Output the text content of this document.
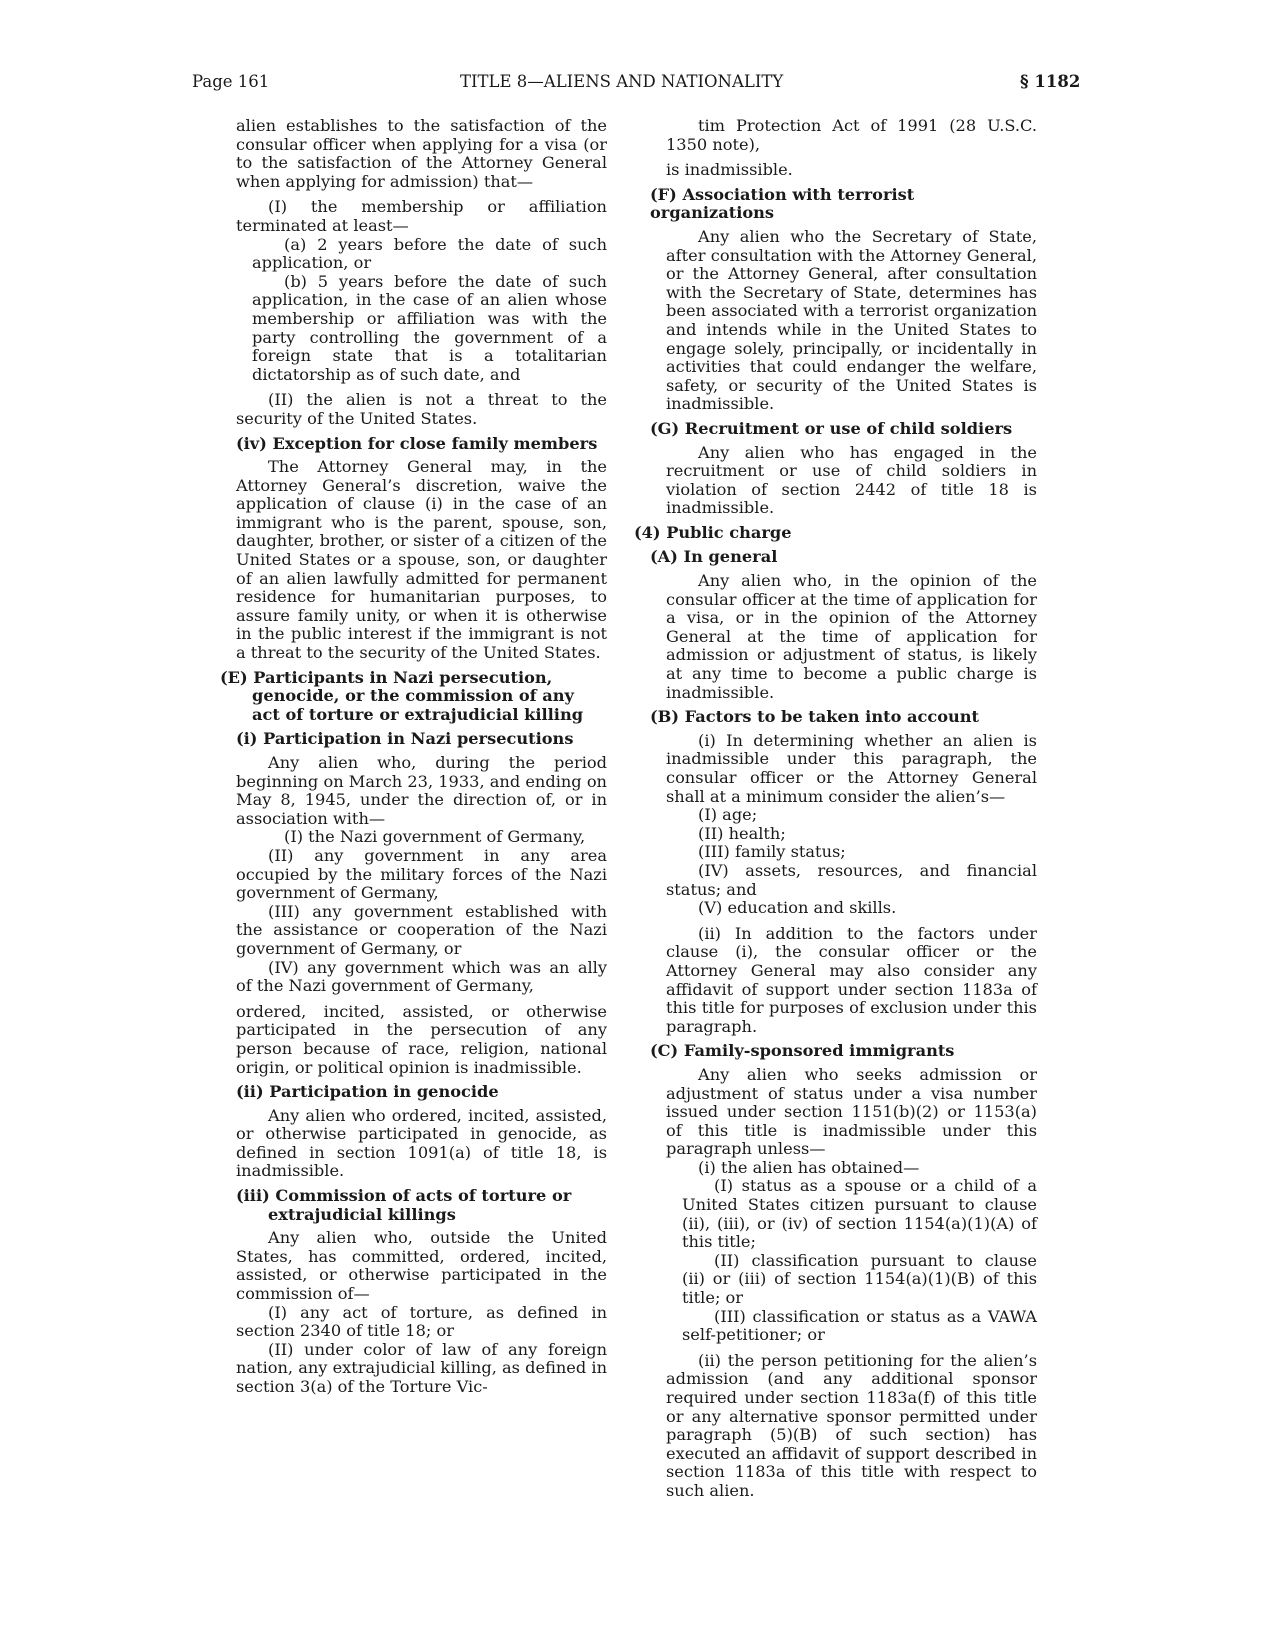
Page 161	TITLE 8—ALIENS AND NATIONALITY	§ 1182

alien establishes to the satisfaction of the consular officer when applying for a visa (or to the satisfaction of the Attorney General when applying for admission) that—

(I) the membership or affiliation terminated at least—

(a) 2 years before the date of such application, or

(b) 5 years before the date of such application, in the case of an alien whose membership or affiliation was with the party controlling the government of a foreign state that is a totalitarian dictatorship as of such date, and

(II) the alien is not a threat to the security of the United States.

(iv) Exception for close family members

The Attorney General may, in the Attorney General’s discretion, waive the application of clause (i) in the case of an immigrant who is the parent, spouse, son, daughter, brother, or sister of a citizen of the United States or a spouse, son, or daughter of an alien lawfully admitted for permanent residence for humanitarian purposes, to assure family unity, or when it is otherwise in the public interest if the immigrant is not a threat to the security of the United States.

(E) Participants in Nazi persecution, genocide, or the commission of any act of torture or extrajudicial killing
(i) Participation in Nazi persecutions

Any alien who, during the period beginning on March 23, 1933, and ending on May 8, 1945, under the direction of, or in association with—

(I) the Nazi government of Germany,

(II) any government in any area occupied by the military forces of the Nazi government of Germany,

(III) any government established with the assistance or cooperation of the Nazi government of Germany, or

(IV) any government which was an ally of the Nazi government of Germany,

ordered, incited, assisted, or otherwise participated in the persecution of any person because of race, religion, national origin, or political opinion is inadmissible.

(ii) Participation in genocide

Any alien who ordered, incited, assisted, or otherwise participated in genocide, as defined in section 1091(a) of title 18, is inadmissible.

(iii) Commission of acts of torture or extrajudicial killings

Any alien who, outside the United States, has committed, ordered, incited, assisted, or otherwise participated in the commission of—

(I) any act of torture, as defined in section 2340 of title 18; or

(II) under color of law of any foreign nation, any extrajudicial killing, as defined in section 3(a) of the Torture Vic-

tim Protection Act of 1991 (28 U.S.C. 1350 note),

is inadmissible.

(F) Association with terrorist organizations

Any alien who the Secretary of State, after consultation with the Attorney General, or the Attorney General, after consultation with the Secretary of State, determines has been associated with a terrorist organization and intends while in the United States to engage solely, principally, or incidentally in activities that could endanger the welfare, safety, or security of the United States is inadmissible.

(G) Recruitment or use of child soldiers

Any alien who has engaged in the recruitment or use of child soldiers in violation of section 2442 of title 18 is inadmissible.

(4) Public charge
(A) In general

Any alien who, in the opinion of the consular officer at the time of application for a visa, or in the opinion of the Attorney General at the time of application for admission or adjustment of status, is likely at any time to become a public charge is inadmissible.

(B) Factors to be taken into account

(i) In determining whether an alien is inadmissible under this paragraph, the consular officer or the Attorney General shall at a minimum consider the alien’s—

(I) age;

(II) health;

(III) family status;

(IV) assets, resources, and financial status; and

(V) education and skills.

(ii) In addition to the factors under clause (i), the consular officer or the Attorney General may also consider any affidavit of support under section 1183a of this title for purposes of exclusion under this paragraph.

(C) Family-sponsored immigrants

Any alien who seeks admission or adjustment of status under a visa number issued under section 1151(b)(2) or 1153(a) of this title is inadmissible under this paragraph unless—

(i) the alien has obtained—

(I) status as a spouse or a child of a United States citizen pursuant to clause (ii), (iii), or (iv) of section 1154(a)(1)(A) of this title;

(II) classification pursuant to clause (ii) or (iii) of section 1154(a)(1)(B) of this title; or

(III) classification or status as a VAWA self-petitioner; or

(ii) the person petitioning for the alien’s admission (and any additional sponsor required under section 1183a(f) of this title or any alternative sponsor permitted under paragraph (5)(B) of such section) has executed an affidavit of support described in section 1183a of this title with respect to such alien.
